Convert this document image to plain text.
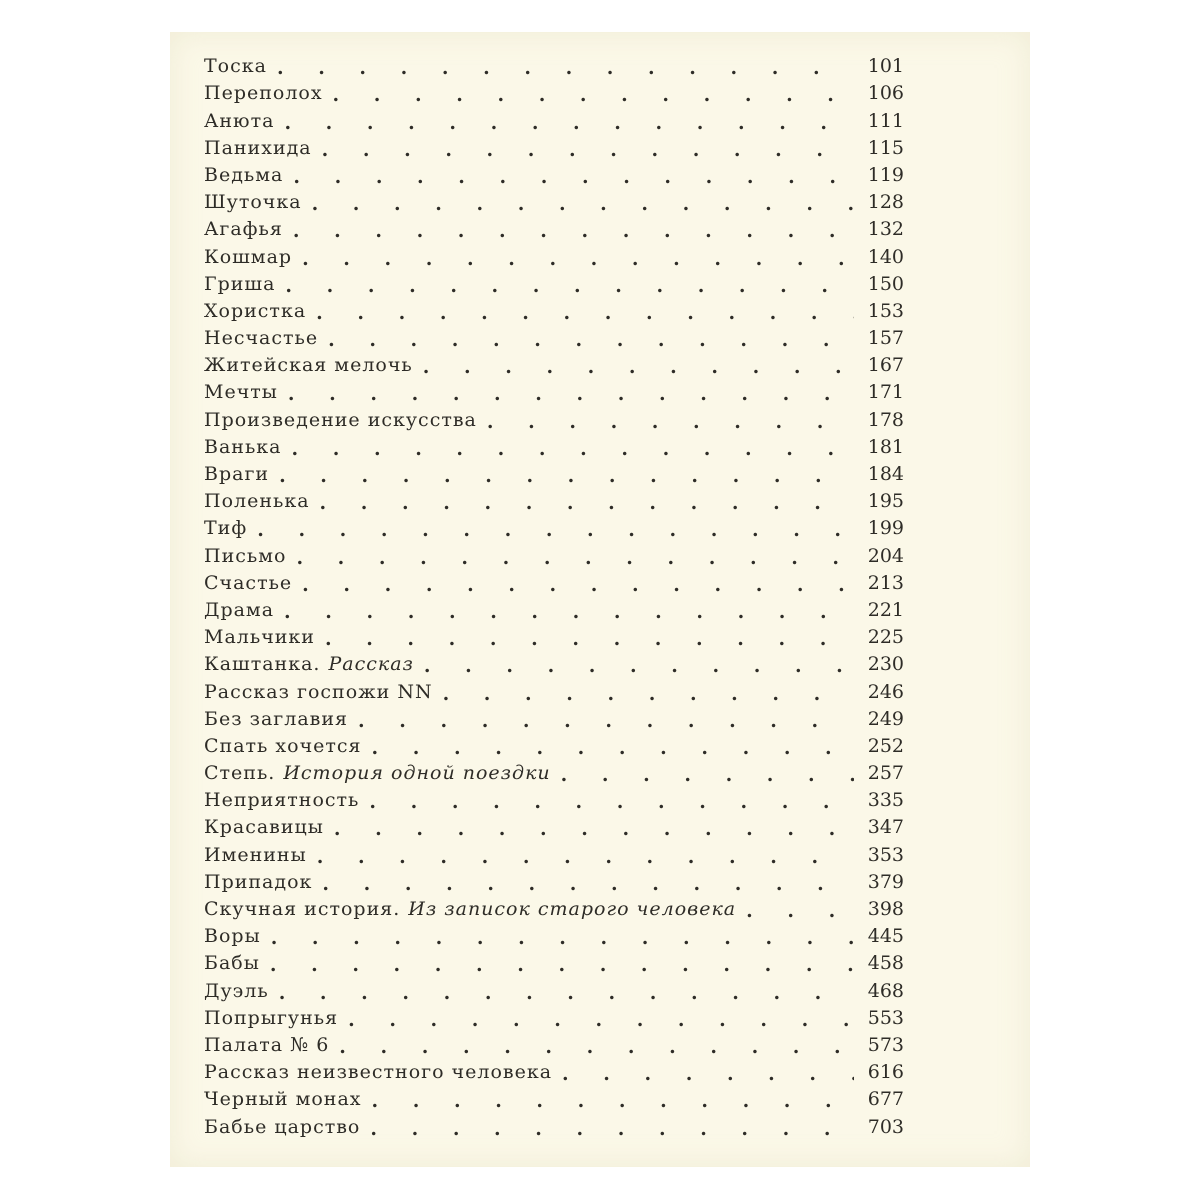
Тоска . . .	101
Переполох . . .	106
Анюта . . .	111
Панихида . . .	115
Ведьма . . .	119
Шуточка . . .	128
Агафья . . .	132
Кошмар . . .	140
Гриша . . .	150
Хористка . . .	153
Несчастье . . .	157
Житейская мелочь . . .	167
Мечты . . .	171
Произведение искусства . . .	178
Ванька . . .	181
Враги . . .	184
Поленька . . .	195
Тиф . . .	199
Письмо . . .	204
Счастье . . .	213
Драма . . .	221
Мальчики . . .	225
Каштанка. Рассказ . . .	230
Рассказ госпожи NN . . .	246
Без заглавия . . .	249
Спать хочется . . .	252
Степь. История одной поездки . . .	257
Неприятность . . .	335
Красавицы . . .	347
Именины . . .	353
Припадок . . .	379
Скучная история. Из записок старого человека . . .	398
Воры . . .	445
Бабы . . .	458
Дуэль . . .	468
Попрыгунья . . .	553
Палата № 6 . . .	573
Рассказ неизвестного человека . . .	616
Черный монах . . .	677
Бабье царство . . .	703
